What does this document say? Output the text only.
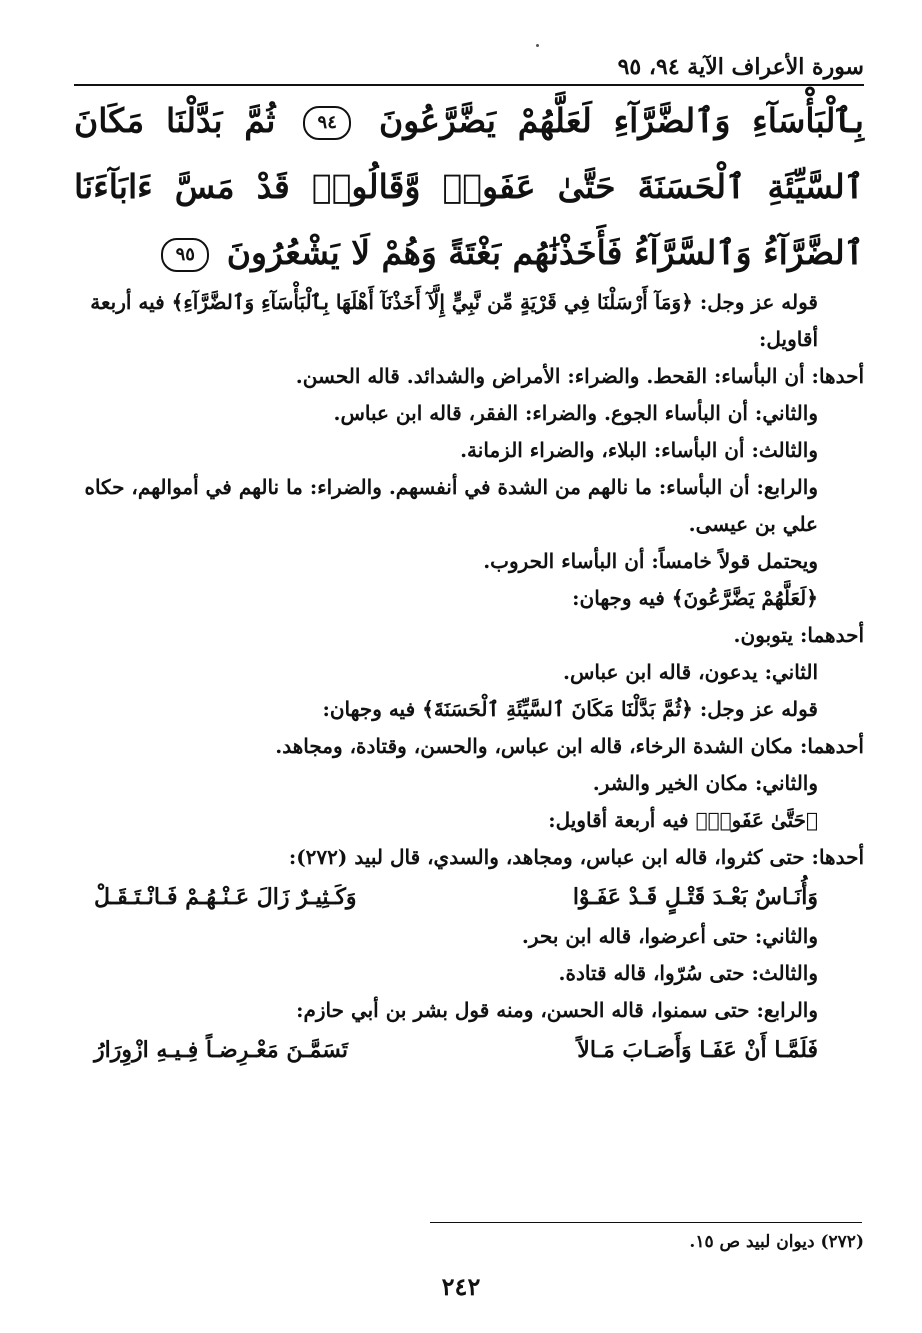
سورة الأعراف الآية ٩٤، ٩٥
بِٱلْبَأْسَآءِ وَٱلضَّرَّآءِ لَعَلَّهُمْ يَضَّرَّعُونَ ٩٤ ثُمَّ بَدَّلْنَا مَكَانَ ٱلسَّيِّئَةِ ٱلْحَسَنَةَ حَتَّىٰ عَفَوا۟ وَّقَالُوا۟ قَدْ مَسَّ ءَابَآءَنَا ٱلضَّرَّآءُ وَٱلسَّرَّآءُ فَأَخَذْنَٰهُم بَغْتَةً وَهُمْ لَا يَشْعُرُونَ ٩٥

قوله عز وجل: ﴿وَمَآ أَرْسَلْنَا فِي قَرْيَةٍ مِّن نَّبِيٍّ إِلَّآ أَخَذْنَآ أَهْلَهَا بِٱلْبَأْسَآءِ وَٱلضَّرَّآءِ﴾ فيه أربعة أقاويل:

أحدها: أن البأساء: القحط. والضراء: الأمراض والشدائد. قاله الحسن.

والثاني: أن البأساء الجوع. والضراء: الفقر، قاله ابن عباس.

والثالث: أن البأساء: البلاء، والضراء الزمانة.

والرابع: أن البأساء: ما نالهم من الشدة في أنفسهم. والضراء: ما نالهم في أموالهم، حكاه علي بن عيسى.

ويحتمل قولاً خامساً: أن البأساء الحروب.

﴿لَعَلَّهُمْ يَضَّرَّعُونَ﴾ فيه وجهان:

أحدهما: يتوبون.

الثاني: يدعون، قاله ابن عباس.

قوله عز وجل: ﴿ثُمَّ بَدَّلْنَا مَكَانَ ٱلسَّيِّئَةِ ٱلْحَسَنَةَ﴾ فيه وجهان:

أحدهما: مكان الشدة الرخاء، قاله ابن عباس، والحسن، وقتادة، ومجاهد.

والثاني: مكان الخير والشر.

﴿حَتَّىٰ عَفَوا۟﴾ فيه أربعة أقاويل:

أحدها: حتى كثروا، قاله ابن عباس، ومجاهد، والسدي، قال لبيد (٢٧٢):

وَأُنَـاسٌ بَعْـدَ قَتْـلٍ قَـدْ عَفَـوْا
وَكَـثِيـرٌ زَالَ عَـنْـهُـمْ فَـانْـتَـقَـلْ

والثاني: حتى أعرضوا، قاله ابن بحر.

والثالث: حتى سُرّوا، قاله قتادة.

والرابع: حتى سمنوا، قاله الحسن، ومنه قول بشر بن أبي حازم:

فَلَمَّـا أَنْ عَفَـا وَأَصَـابَ مَـالاً
تَسَمَّـنَ مَعْـرِضـاً فِـيـهِ ازْوِرَارُ
(٢٧٢) ديوان لبيد ص ١٥.
٢٤٢
